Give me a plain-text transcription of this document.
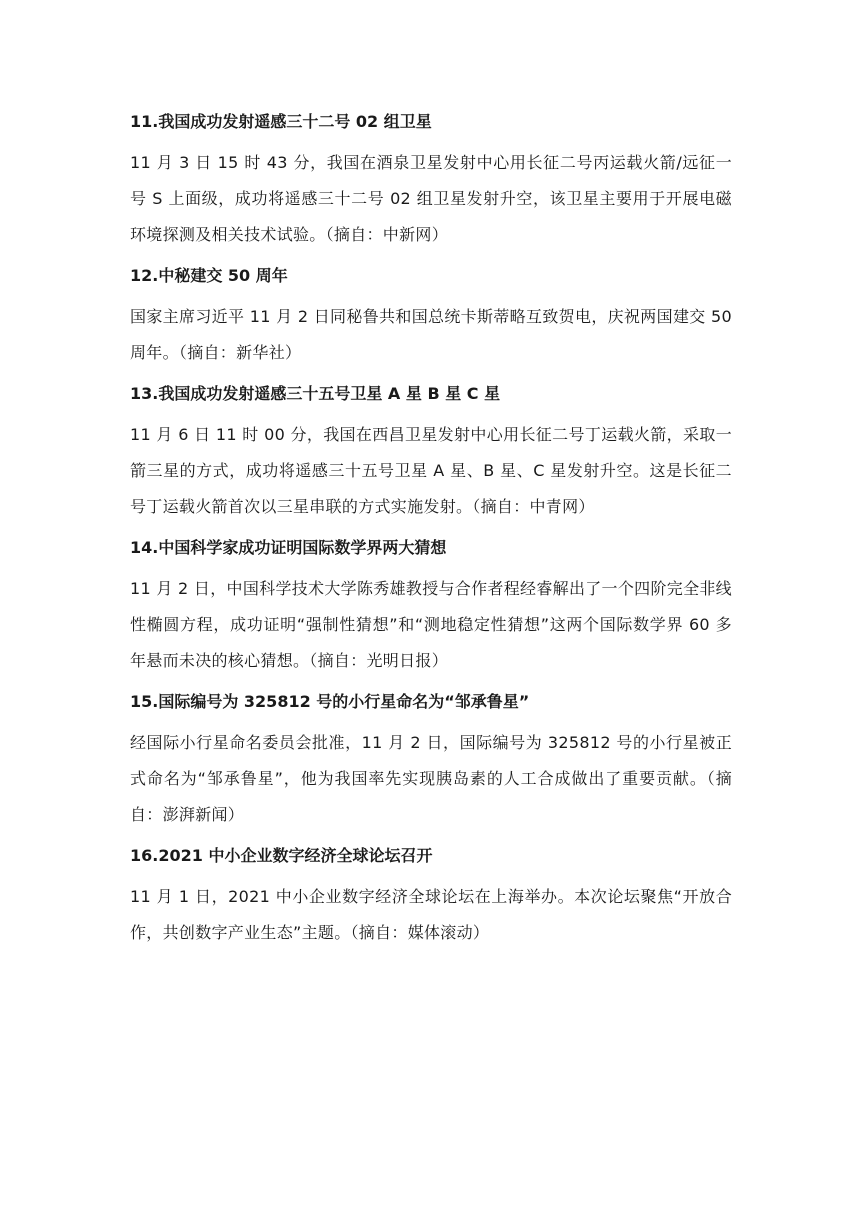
11.我国成功发射遥感三十二号 02 组卫星

11 月 3 日 15 时 43 分，我国在酒泉卫星发射中心用长征二号丙运载火箭/远征一号 S 上面级，成功将遥感三十二号 02 组卫星发射升空，该卫星主要用于开展电磁环境探测及相关技术试验。（摘自：中新网）

12.中秘建交 50 周年

国家主席习近平 11 月 2 日同秘鲁共和国总统卡斯蒂略互致贺电，庆祝两国建交 50 周年。（摘自：新华社）

13.我国成功发射遥感三十五号卫星 A 星 B 星 C 星

11 月 6 日 11 时 00 分，我国在西昌卫星发射中心用长征二号丁运载火箭，采取一箭三星的方式，成功将遥感三十五号卫星 A 星、B 星、C 星发射升空。这是长征二号丁运载火箭首次以三星串联的方式实施发射。（摘自：中青网）

14.中国科学家成功证明国际数学界两大猜想

11 月 2 日，中国科学技术大学陈秀雄教授与合作者程经睿解出了一个四阶完全非线性椭圆方程，成功证明“强制性猜想”和“测地稳定性猜想”这两个国际数学界 60 多年悬而未决的核心猜想。（摘自：光明日报）

15.国际编号为 325812 号的小行星命名为“邹承鲁星”

经国际小行星命名委员会批准，11 月 2 日，国际编号为 325812 号的小行星被正式命名为“邹承鲁星”，他为我国率先实现胰岛素的人工合成做出了重要贡献。（摘自：澎湃新闻）

16.2021 中小企业数字经济全球论坛召开

11 月 1 日，2021 中小企业数字经济全球论坛在上海举办。本次论坛聚焦“开放合作，共创数字产业生态”主题。（摘自：媒体滚动）
